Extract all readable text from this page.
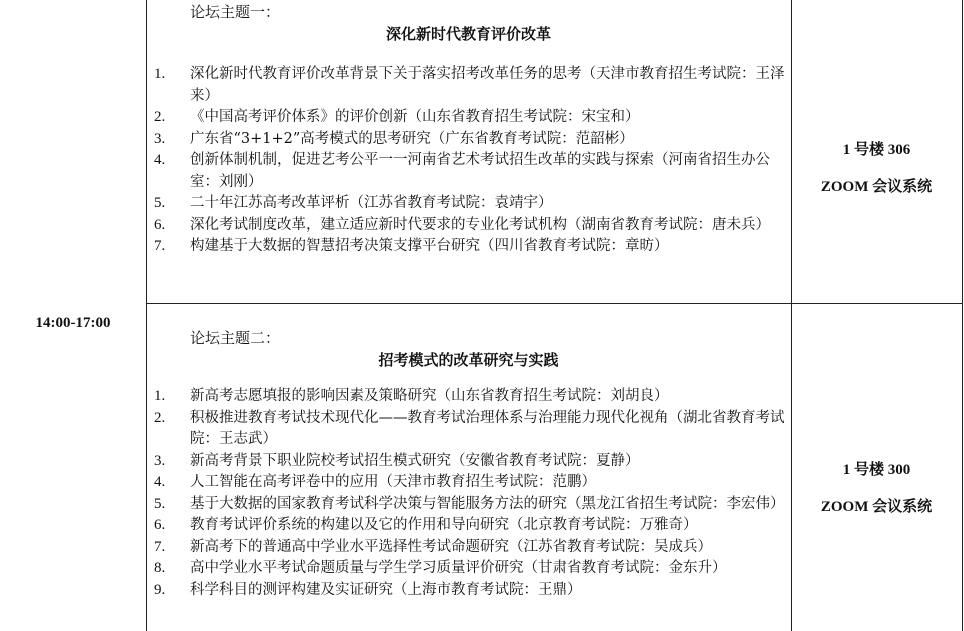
14:00-17:00
论坛主题一：
深化新时代教育评价改革
1.	深化新时代教育评价改革背景下关于落实招考改革任务的思考（天津市教育招生考试院：王泽来）
2.	《中国高考评价体系》的评价创新（山东省教育招生考试院：宋宝和）
3.	广东省“3+1+2”高考模式的思考研究（广东省教育考试院：范韶彬）
4.	创新体制机制，促进艺考公平一一河南省艺术考试招生改革的实践与探索（河南省招生办公室：刘刚）
5.	二十年江苏高考改革评析（江苏省教育考试院：袁靖宇）
6.	深化考试制度改革，建立适应新时代要求的专业化考试机构（湖南省教育考试院：唐未兵）
7.	构建基于大数据的智慧招考决策支撑平台研究（四川省教育考试院：章昉）
1 号楼 306
ZOOM 会议系统
论坛主题二：
招考模式的改革研究与实践
1.	新高考志愿填报的影响因素及策略研究（山东省教育招生考试院：刘胡良）
2.	积极推进教育考试技术现代化——教育考试治理体系与治理能力现代化视角（湖北省教育考试院：王志武）
3.	新高考背景下职业院校考试招生模式研究（安徽省教育考试院：夏静）
4.	人工智能在高考评卷中的应用（天津市教育招生考试院：范鹏）
5.	基于大数据的国家教育考试科学决策与智能服务方法的研究（黑龙江省招生考试院：李宏伟）
6.	教育考试评价系统的构建以及它的作用和导向研究（北京教育考试院：万雅奇）
7.	新高考下的普通高中学业水平选择性考试命题研究（江苏省教育考试院：吴成兵）
8.	高中学业水平考试命题质量与学生学习质量评价研究（甘肃省教育考试院：金东升）
9.	科学科目的测评构建及实证研究（上海市教育考试院：王鼎）
1 号楼 300
ZOOM 会议系统
